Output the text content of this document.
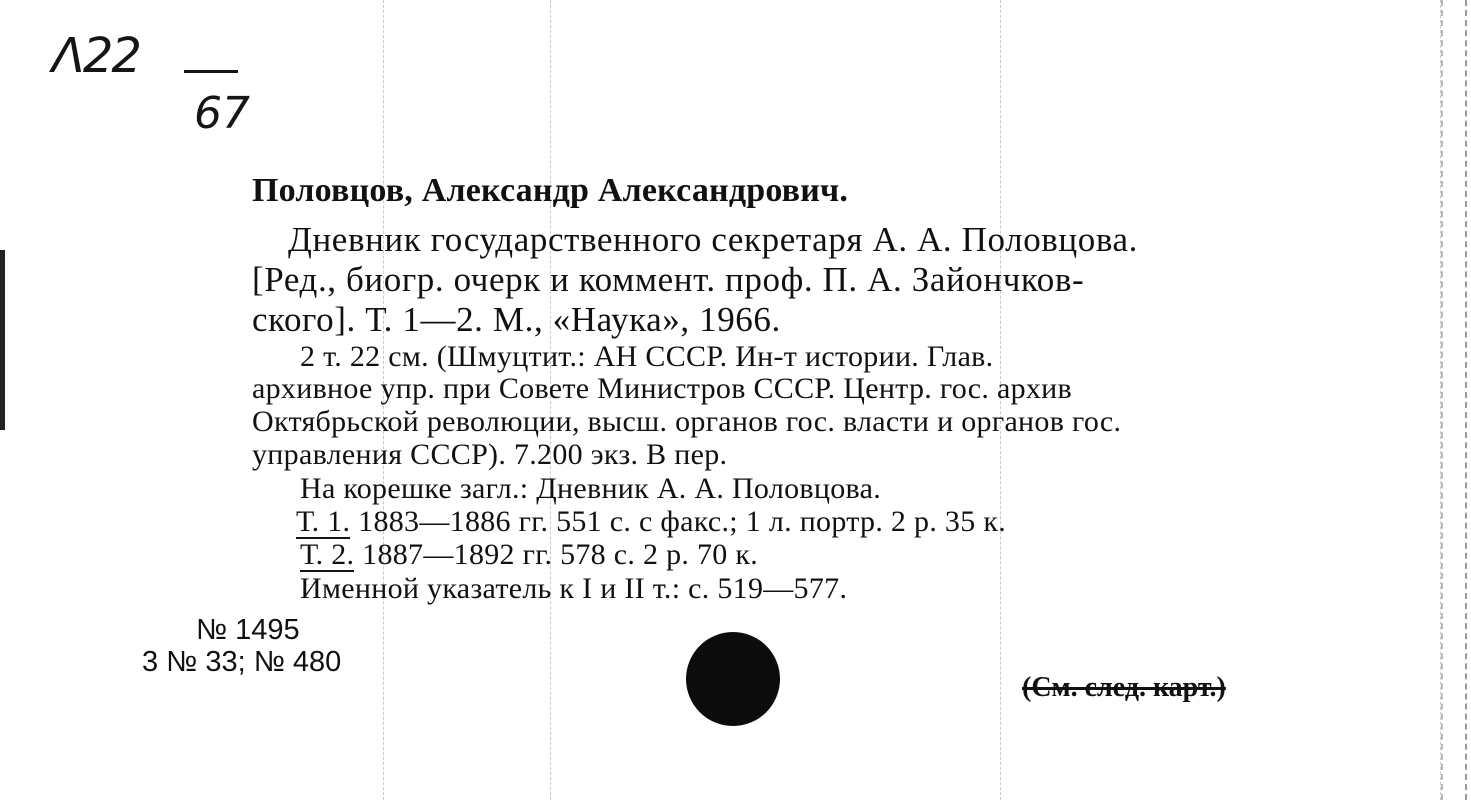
Λ22
67
Половцов, Александр Александрович.
Дневник государственного секретаря А. А. Половцова.
[Ред., биогр. очерк и коммент. проф. П. А. Зайончков-
ского]. Т. 1—2. М., «Наука», 1966.
2 т. 22 см. (Шмуцтит.: АН СССР. Ин-т истории. Глав.
архивное упр. при Совете Министров СССР. Центр. гос. архив
Октябрьской революции, высш. органов гос. власти и органов гос.
управления СССР). 7.200 экз. В пер.
На корешке загл.: Дневник А. А. Половцова.
Т. 1. 1883—1886 гг. 551 с. с факс.; 1 л. портр. 2 р. 35 к.
Т. 2. 1887—1892 гг. 578 с. 2 р. 70 к.
Именной указатель к I и II т.: с. 519—577.
№ 1495
3 № 33; № 480
(См. след. карт.)
